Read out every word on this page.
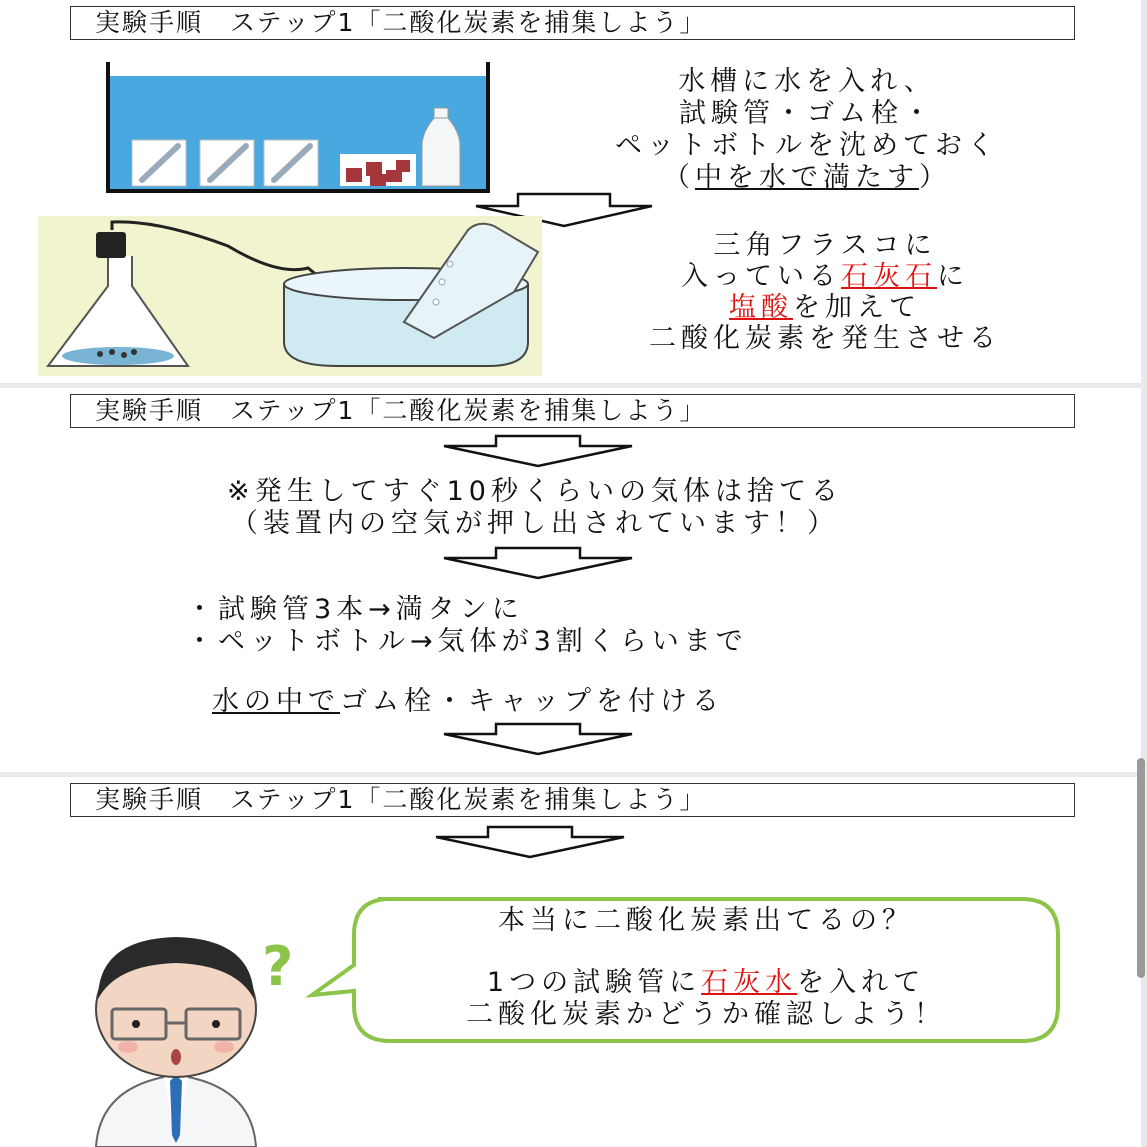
実験手順　ステップ1「二酸化炭素を捕集しよう」
水槽に水を入れ、
試験管・ゴム栓・
ペットボトルを沈めておく
（中を水で満たす）
三角フラスコに
入っている石灰石に
塩酸を加えて
二酸化炭素を発生させる
実験手順　ステップ1「二酸化炭素を捕集しよう」
※発生してすぐ10秒くらいの気体は捨てる
（装置内の空気が押し出されています！）
・試験管3本→満タンに
・ペットボトル→気体が3割くらいまで
水の中でゴム栓・キャップを付ける
実験手順　ステップ1「二酸化炭素を捕集しよう」
本当に二酸化炭素出てるの？
1つの試験管に石灰水を入れて
二酸化炭素かどうか確認しよう！
?
